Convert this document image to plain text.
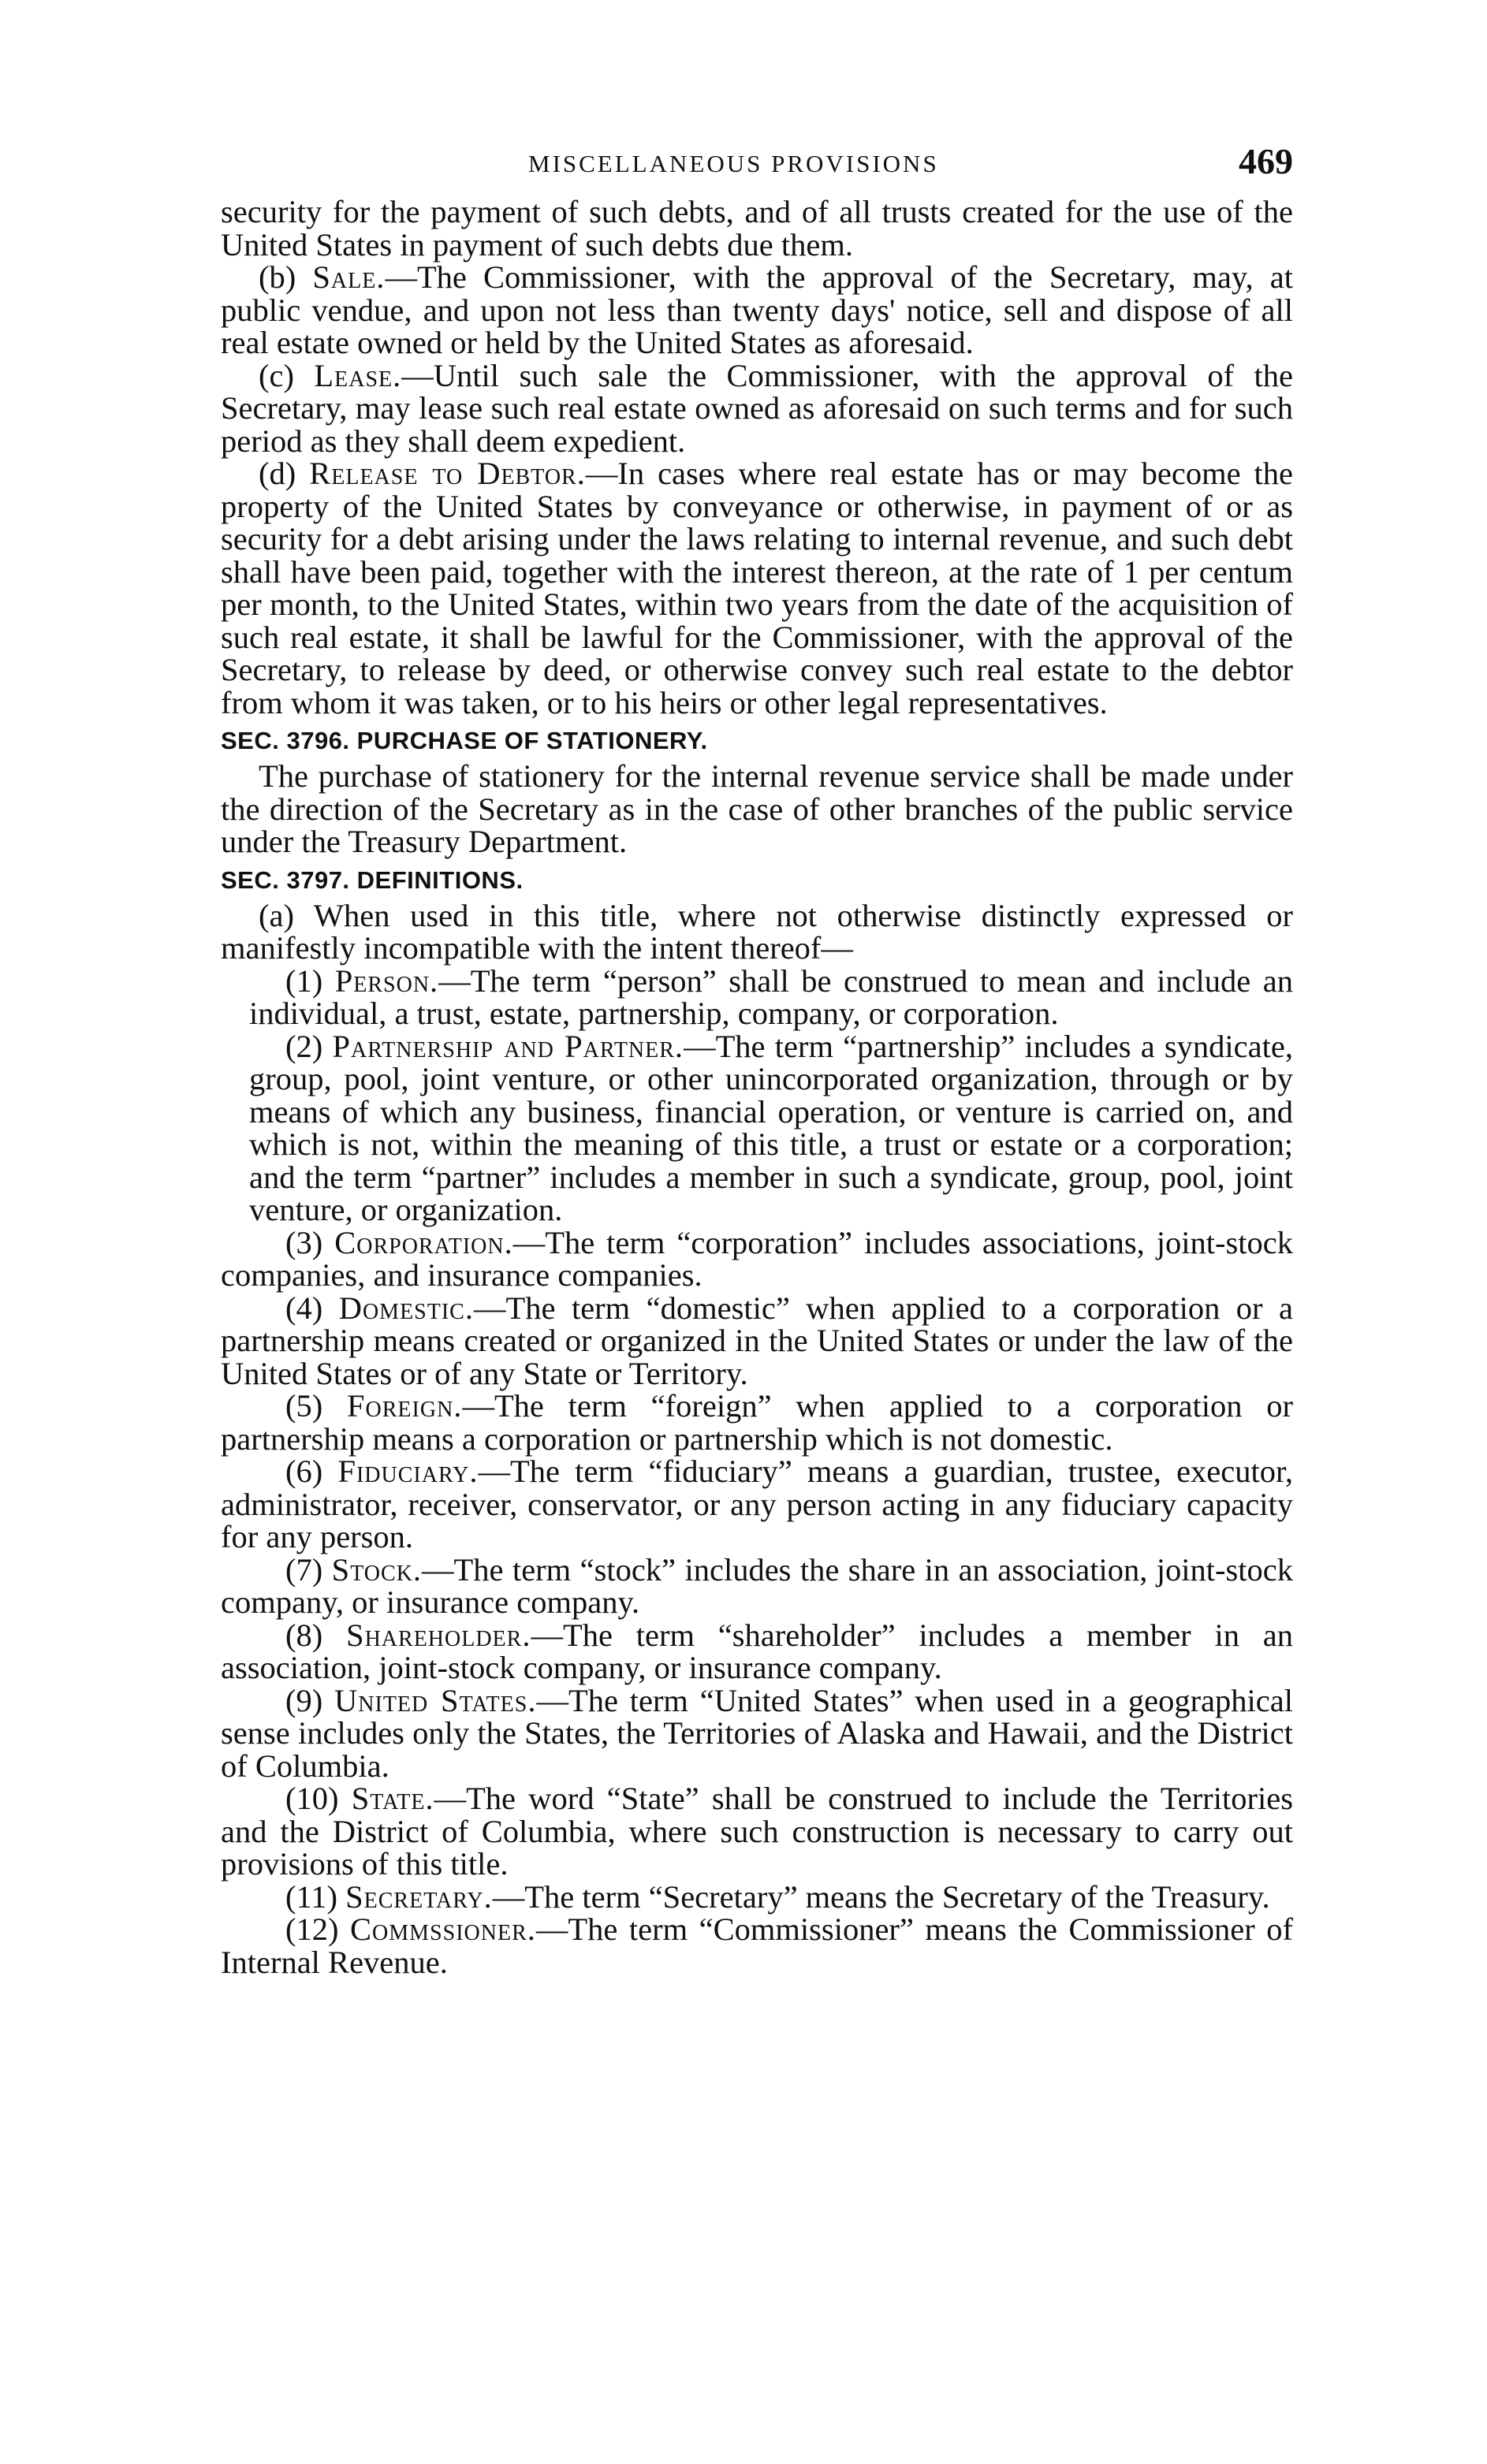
MISCELLANEOUS PROVISIONS	469

security for the payment of such debts, and of all trusts created for the use of the United States in payment of such debts due them.

(b) Sale.—The Commissioner, with the approval of the Secretary, may, at public vendue, and upon not less than twenty days' notice, sell and dispose of all real estate owned or held by the United States as aforesaid.

(c) Lease.—Until such sale the Commissioner, with the approval of the Secretary, may lease such real estate owned as aforesaid on such terms and for such period as they shall deem expedient.

(d) Release to Debtor.—In cases where real estate has or may become the property of the United States by conveyance or otherwise, in payment of or as security for a debt arising under the laws relating to internal revenue, and such debt shall have been paid, together with the interest thereon, at the rate of 1 per centum per month, to the United States, within two years from the date of the acquisition of such real estate, it shall be lawful for the Commissioner, with the approval of the Secretary, to release by deed, or otherwise convey such real estate to the debtor from whom it was taken, or to his heirs or other legal representatives.

SEC. 3796. PURCHASE OF STATIONERY.

The purchase of stationery for the internal revenue service shall be made under the direction of the Secretary as in the case of other branches of the public service under the Treasury Department.

SEC. 3797. DEFINITIONS.

(a) When used in this title, where not otherwise distinctly expressed or manifestly incompatible with the intent thereof—

(1) Person.—The term “person” shall be construed to mean and include an individual, a trust, estate, partnership, company, or corporation.

(2) Partnership and Partner.—The term “partnership” includes a syndicate, group, pool, joint venture, or other unincorporated organization, through or by means of which any business, financial operation, or venture is carried on, and which is not, within the meaning of this title, a trust or estate or a corporation; and the term “partner” includes a member in such a syndicate, group, pool, joint venture, or organization.

(3) Corporation.—The term “corporation” includes associations, joint-stock companies, and insurance companies.

(4) Domestic.—The term “domestic” when applied to a corporation or a partnership means created or organized in the United States or under the law of the United States or of any State or Territory.

(5) Foreign.—The term “foreign” when applied to a corporation or partnership means a corporation or partnership which is not domestic.

(6) Fiduciary.—The term “fiduciary” means a guardian, trustee, executor, administrator, receiver, conservator, or any person acting in any fiduciary capacity for any person.

(7) Stock.—The term “stock” includes the share in an association, joint-stock company, or insurance company.

(8) Shareholder.—The term “shareholder” includes a member in an association, joint-stock company, or insurance company.

(9) United States.—The term “United States” when used in a geographical sense includes only the States, the Territories of Alaska and Hawaii, and the District of Columbia.

(10) State.—The word “State” shall be construed to include the Territories and the District of Columbia, where such construction is necessary to carry out provisions of this title.

(11) Secretary.—The term “Secretary” means the Secretary of the Treasury.

(12) Commssioner.—The term “Commissioner” means the Commissioner of Internal Revenue.
